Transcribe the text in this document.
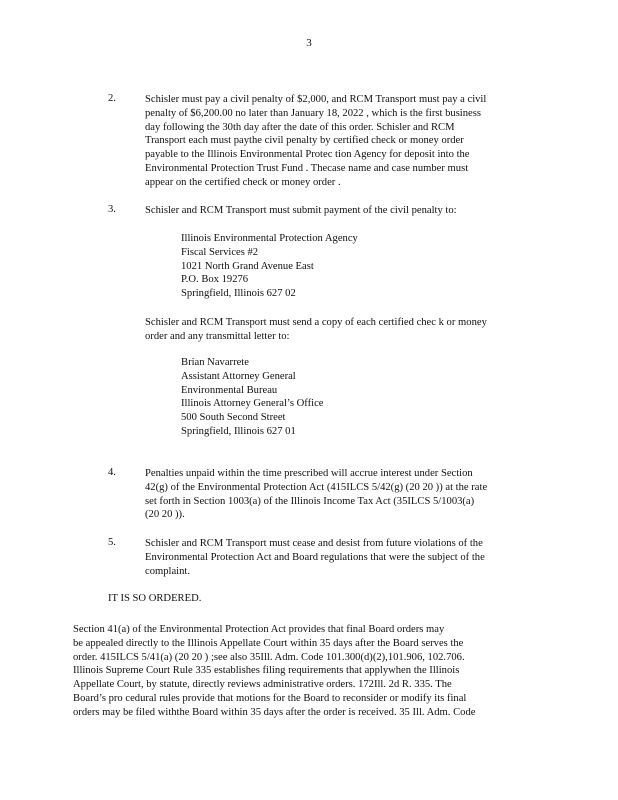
3
2.	Schisler must pay a civil penalty of $2,000, and RCM Transport must pay a civil
penalty of $6,200.00 no later than January 18, 2022 , which is the first business
day following the 30th day after the date of this order. Schisler and RCM
Transport each must paythe civil penalty by certified check or money order
payable to the Illinois Environmental Protec tion Agency for deposit into the
Environmental Protection Trust Fund . Thecase name and case number must
appear on the certified check or money order .
3.	Schisler and RCM Transport must submit payment of the civil penalty to:
Illinois Environmental Protection Agency
Fiscal Services #2
1021 North Grand Avenue East
P.O. Box 19276
Springfield, Illinois 627 02
Schisler and RCM Transport must send a copy of each certified chec k or money
order and any transmittal letter to:
Brian Navarrete
Assistant Attorney General
Environmental Bureau
Illinois Attorney General’s Office
500 South Second Street
Springfield, Illinois 627 01
4.	Penalties unpaid within the time prescribed will accrue interest under Section
42(g) of the Environmental Protection Act (415ILCS 5/42(g) (20 20 )) at the rate
set forth in Section 1003(a) of the Illinois Income Tax Act (35ILCS 5/1003(a)
(20 20 )).
5.	Schisler and RCM Transport must cease and desist from future violations of the
Environmental Protection Act and Board regulations that were the subject of the
complaint.
IT IS SO ORDERED.
Section 41(a) of the Environmental Protection Act provides that final Board orders may
be appealed directly to the Illinois Appellate Court within 35 days after the Board serves the
order. 415ILCS 5/41(a) (20 20 ) ;see also 35Ill. Adm. Code 101.300(d)(2),101.906, 102.706.
Illinois Supreme Court Rule 335 establishes filing requirements that applywhen the Illinois
Appellate Court, by statute, directly reviews administrative orders. 172Ill. 2d R. 335. The
Board’s pro cedural rules provide that motions for the Board to reconsider or modify its final
orders may be filed withthe Board within 35 days after the order is received. 35 Ill. Adm. Code
